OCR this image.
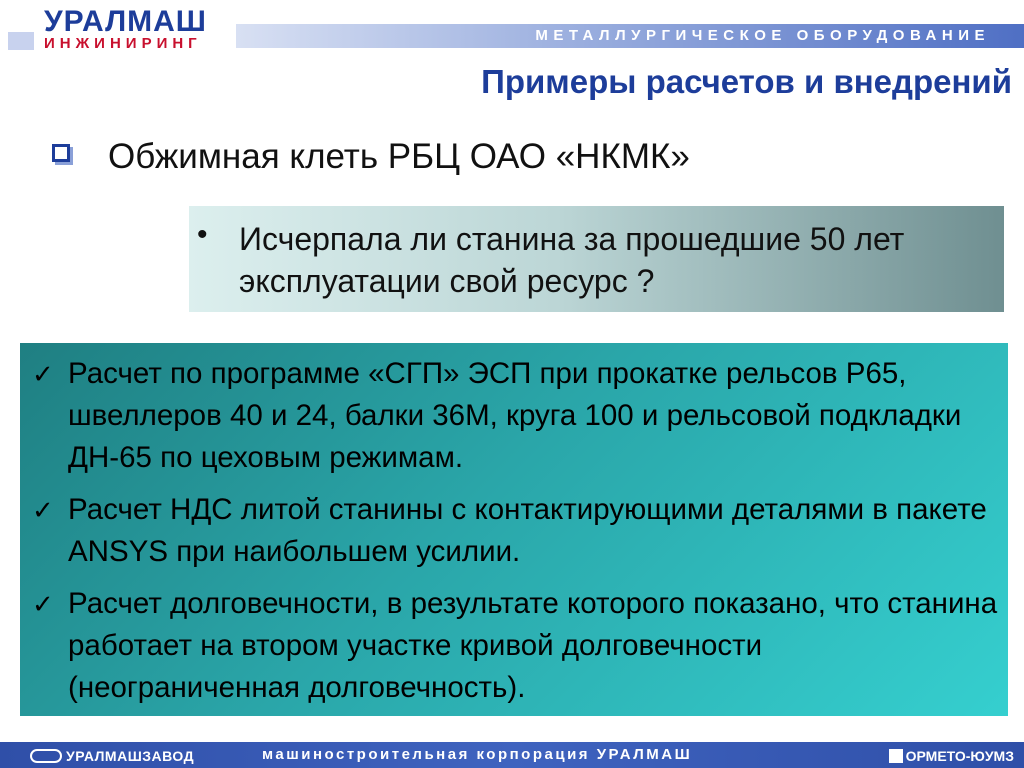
УРАЛМАШ
ИНЖИНИРИНГ	МЕТАЛЛУРГИЧЕСКОЕ ОБОРУДОВАНИЕ
Примеры расчетов и внедрений
Обжимная клеть РБЦ ОАО «НКМК»
• Исчерпала ли станина за прошедшие 50 лет эксплуатации свой ресурс ?
✓ Расчет по программе «СГП» ЭСП при прокатке рельсов Р65, швеллеров 40 и 24, балки 36М, круга 100 и рельсовой подкладки ДН-65 по цеховым режимам.
✓ Расчет НДС литой станины с контактирующими деталями в пакете ANSYS при наибольшем усилии.
✓ Расчет долговечности, в результате которого показано, что станина работает на втором участке кривой долговечности (неограниченная долговечность).
УРАЛМАШЗАВОД	машиностроительная корпорация УРАЛМАШ	ОРМЕТО-ЮУМЗ
